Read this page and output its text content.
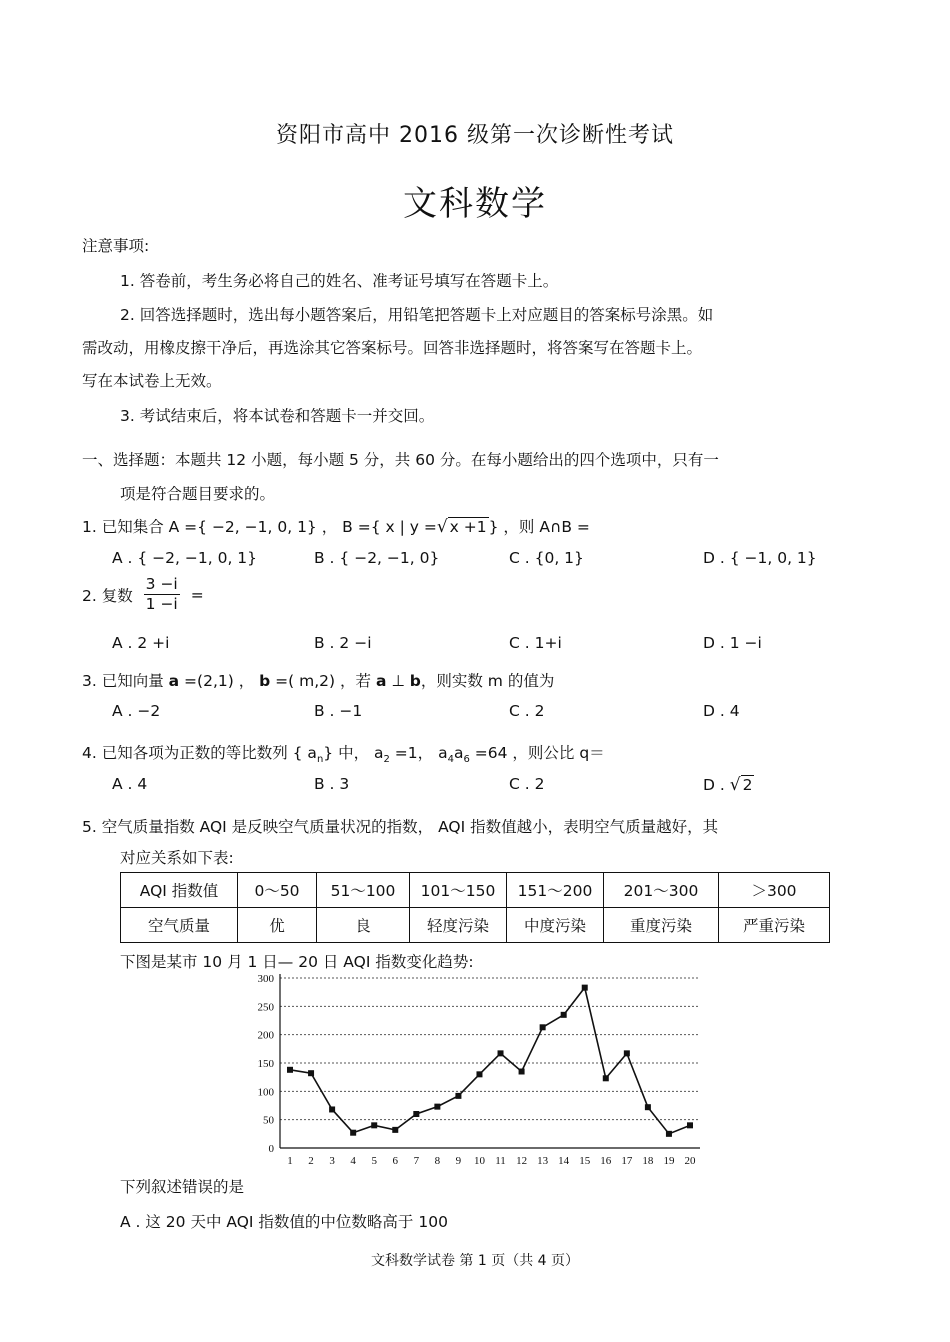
资阳市高中 2016 级第一次诊断性考试
文科数学
注意事项:
1. 答卷前，考生务必将自己的姓名、准考证号填写在答题卡上。
2. 回答选择题时，选出每小题答案后，用铅笔把答题卡上对应题目的答案标号涂黑。如
需改动，用橡皮擦干净后，再选涂其它答案标号。回答非选择题时，将答案写在答题卡上。
写在本试卷上无效。
3. 考试结束后，将本试卷和答题卡一并交回。
一、选择题：本题共 12 小题，每小题 5 分，共 60 分。在每小题给出的四个选项中，只有一
项是符合题目要求的。
1. 已知集合 A ={ −2, −1, 0, 1} ， B ={ x | y =√ x +1 } ，则 A∩B =
A . { −2, −1, 0, 1}	B . { −2, −1, 0}	C . {0, 1}	D . { −1, 0, 1}
2. 复数 $\frac{3 -i}{1 -i}$ =
A . 2 +i	B . 2 −i	C . 1+i	D . 1 −i
3. 已知向量 a =(2,1) ， b =( m,2) ，若 a ⊥ b，则实数 m 的值为
A . −2	B . −1	C . 2	D . 4
4. 已知各项为正数的等比数列 { $a_n$} 中， $a_2 =1$， $a_4a_6 =64$ ，则公比 q＝
A . 4	B . 3	C . 2	D . √ 2
5. 空气质量指数 AQI 是反映空气质量状况的指数， AQI 指数值越小，表明空气质量越好，其
对应关系如下表:
AQI 指数值	0～50	51～100	101～150	151～200	201～300	＞300
空气质量	优	良	轻度污染	中度污染	重度污染	严重污染
下图是某市 10 月 1 日— 20 日 AQI 指数变化趋势:
0
50
100
150
200
250
300
1 2 3 4 5 6 7 8 9 10 11 12 13 14 15 16 17 18 19 20
下列叙述错误的是
A . 这 20 天中 AQI 指数值的中位数略高于 100
文科数学试卷 第 1 页（共 4 页）
